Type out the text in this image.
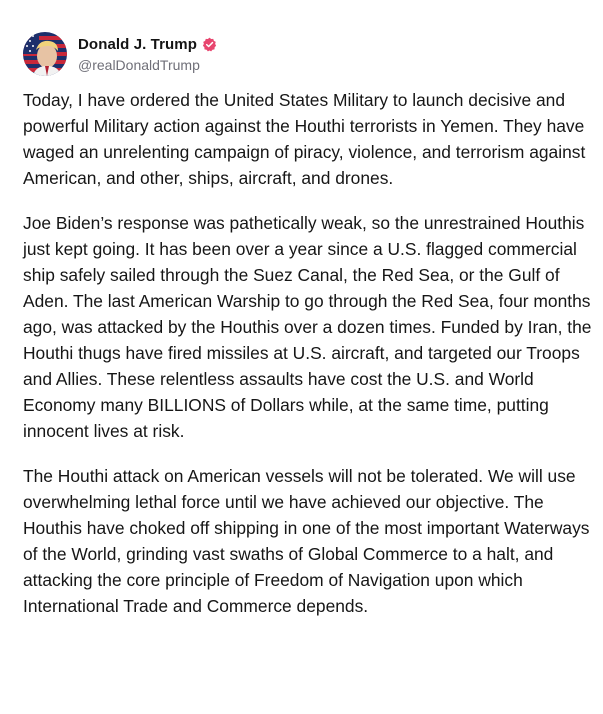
Donald J. Trump
@realDonaldTrump

Today, I have ordered the United States Military to launch decisive and powerful Military action against the Houthi terrorists in Yemen. They have waged an unrelenting campaign of piracy, violence, and terrorism against American, and other, ships, aircraft, and drones.

Joe Biden’s response was pathetically weak, so the unrestrained Houthis just kept going. It has been over a year since a U.S. flagged commercial ship safely sailed through the Suez Canal, the Red Sea, or the Gulf of Aden. The last American Warship to go through the Red Sea, four months ago, was attacked by the Houthis over a dozen times. Funded by Iran, the Houthi thugs have fired missiles at U.S. aircraft, and targeted our Troops and Allies. These relentless assaults have cost the U.S. and World Economy many BILLIONS of Dollars while, at the same time, putting innocent lives at risk.

The Houthi attack on American vessels will not be tolerated. We will use overwhelming lethal force until we have achieved our objective. The Houthis have choked off shipping in one of the most important Waterways of the World, grinding vast swaths of Global Commerce to a halt, and attacking the core principle of Freedom of Navigation upon which International Trade and Commerce depends.
